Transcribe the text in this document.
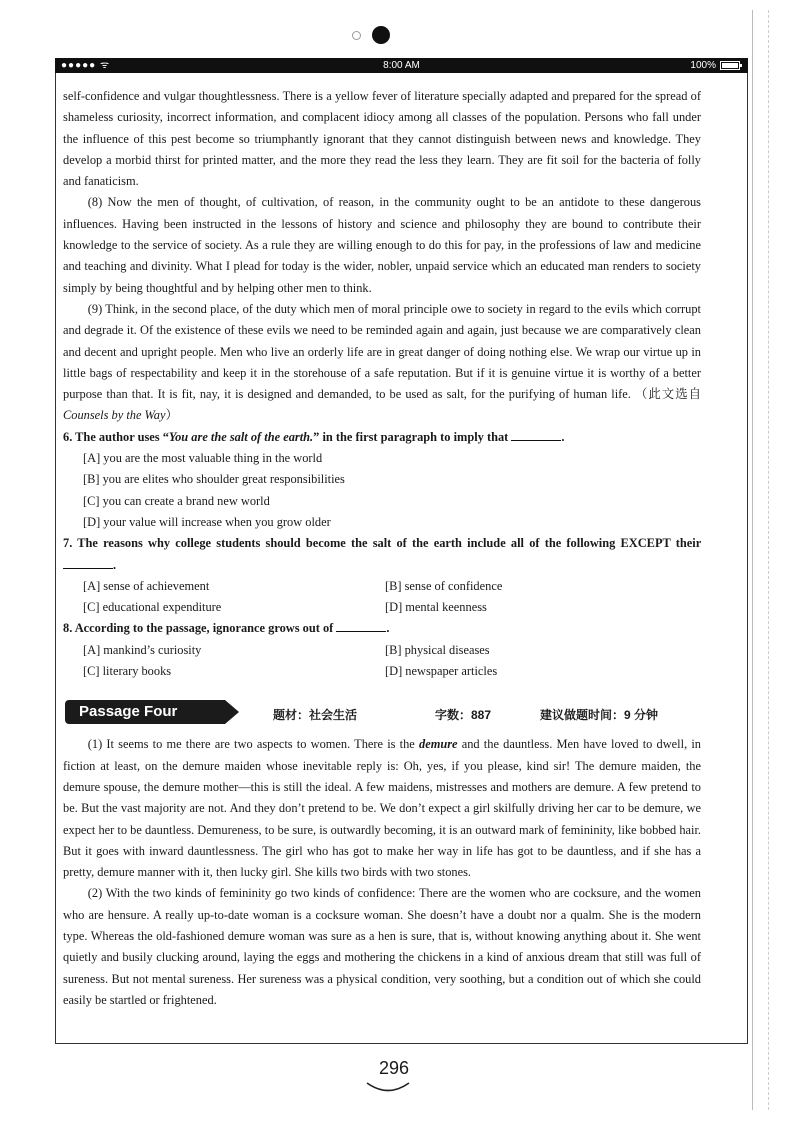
●●●●● ᯤ	8:00 AM	100%

self-confidence and vulgar thoughtlessness. There is a yellow fever of literature specially adapted and prepared for the spread of shameless curiosity, incorrect information, and complacent idiocy among all classes of the population. Persons who fall under the influence of this pest become so triumphantly ignorant that they cannot distinguish between news and knowledge. They develop a morbid thirst for printed matter, and the more they read the less they learn. They are fit soil for the bacteria of folly and fanaticism.

(8) Now the men of thought, of cultivation, of reason, in the community ought to be an antidote to these dangerous influences. Having been instructed in the lessons of history and science and philosophy they are bound to contribute their knowledge to the service of society. As a rule they are willing enough to do this for pay, in the professions of law and medicine and teaching and divinity. What I plead for today is the wider, nobler, unpaid service which an educated man renders to society simply by being thoughtful and by helping other men to think.

(9) Think, in the second place, of the duty which men of moral principle owe to society in regard to the evils which corrupt and degrade it. Of the existence of these evils we need to be reminded again and again, just because we are comparatively clean and decent and upright people. Men who live an orderly life are in great danger of doing nothing else. We wrap our virtue up in little bags of respectability and keep it in the storehouse of a safe reputation. But if it is genuine virtue it is worthy of a better purpose than that. It is fit, nay, it is designed and demanded, to be used as salt, for the purifying of human life. （此文选自Counsels by the Way）

6. The author uses “You are the salt of the earth.” in the first paragraph to imply that	.

[A] you are the most valuable thing in the world

[B] you are elites who shoulder great responsibilities

[C] you can create a brand new world

[D] your value will increase when you grow older

7. The reasons why college students should become the salt of the earth include all of the following EXCEPT their .

[A] sense of achievement	[B] sense of confidence
[C] educational expenditure	[D] mental keenness

8. According to the passage, ignorance grows out of	.

[A] mankind’s curiosity	[B] physical diseases
[C] literary books	[D] newspaper articles
Passage Four	题材：社会生活	字数：887	建议做题时间：9 分钟

(1) It seems to me there are two aspects to women. There is the demure and the dauntless. Men have loved to dwell, in fiction at least, on the demure maiden whose inevitable reply is: Oh, yes, if you please, kind sir! The demure maiden, the demure spouse, the demure mother—this is still the ideal. A few maidens, mistresses and mothers are demure. A few pretend to be. But the vast majority are not. And they don’t pretend to be. We don’t expect a girl skilfully driving her car to be demure, we expect her to be dauntless. Demureness, to be sure, is outwardly becoming, it is an outward mark of femininity, like bobbed hair. But it goes with inward dauntlessness. The girl who has got to make her way in life has got to be dauntless, and if she has a pretty, demure manner with it, then lucky girl. She kills two birds with two stones.

(2) With the two kinds of femininity go two kinds of confidence: There are the women who are cocksure, and the women who are hensure. A really up-to-date woman is a cocksure woman. She doesn’t have a doubt nor a qualm. She is the modern type. Whereas the old-fashioned demure woman was sure as a hen is sure, that is, without knowing anything about it. She went quietly and busily clucking around, laying the eggs and mothering the chickens in a kind of anxious dream that still was full of sureness. But not mental sureness. Her sureness was a physical condition, very soothing, but a condition out of which she could easily be startled or frightened.

296
